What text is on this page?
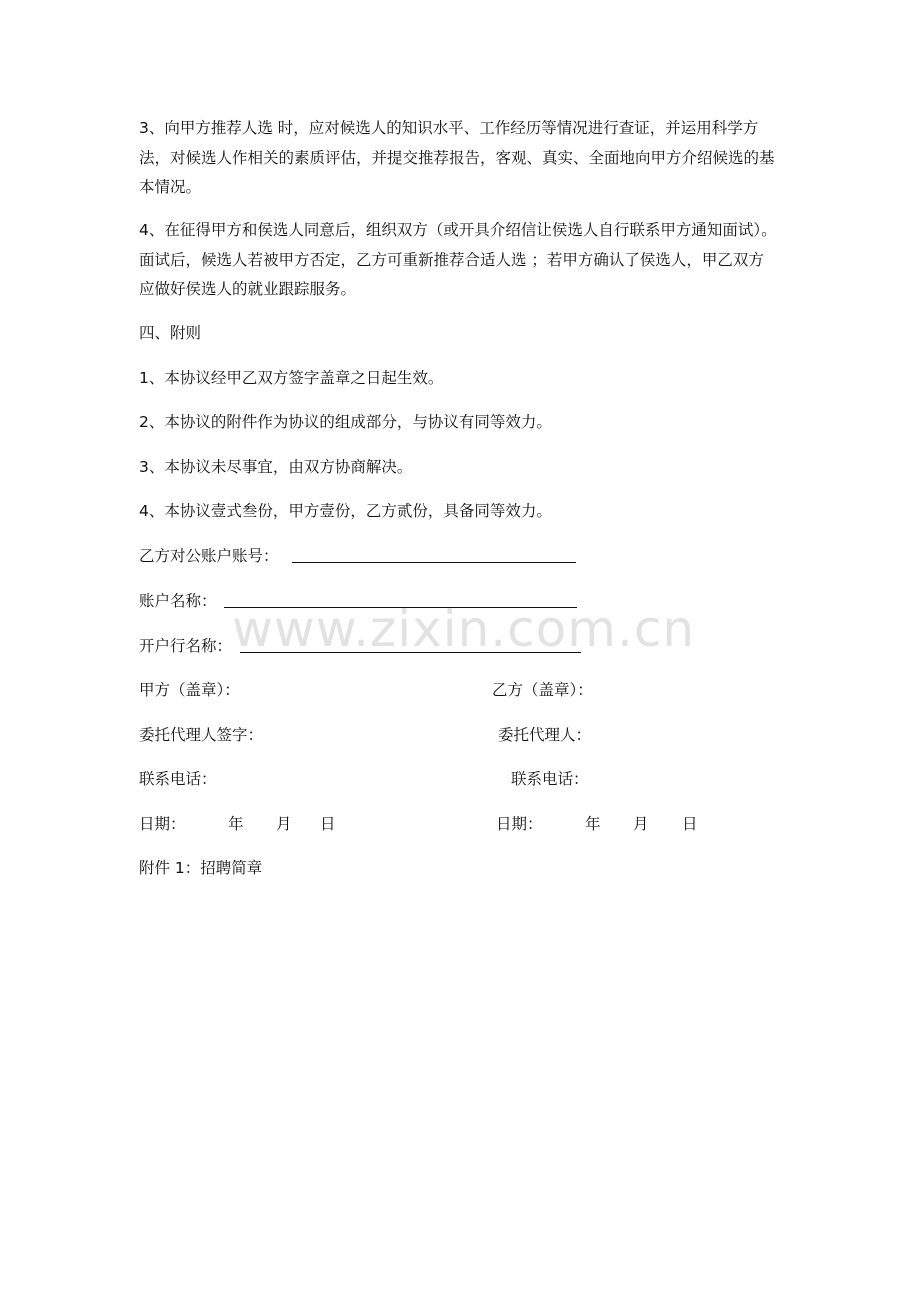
3、向甲方推荐人选 时，应对候选人的知识水平、工作经历等情况进行查证，并运用科学方法，对候选人作相关的素质评估，并提交推荐报告，客观、真实、全面地向甲方介绍候选的基本情况。

4、在征得甲方和侯选人同意后，组织双方（或开具介绍信让侯选人自行联系甲方通知面试）。面试后，候选人若被甲方否定，乙方可重新推荐合适人选 ；若甲方确认了侯选人，甲乙双方应做好侯选人的就业跟踪服务。

四、附则
1、本协议经甲乙双方签字盖章之日起生效。
2、本协议的附件作为协议的组成部分，与协议有同等效力。
3、本协议未尽事宜，由双方协商解决。
4、本协议壹式叁份，甲方壹份，乙方贰份，具备同等效力。
乙方对公账户账号：
账户名称：
开户行名称：
甲方（盖章）：	乙方（盖章）：
委托代理人签字：	委托代理人：
联系电话：	联系电话：
日期：	年 月 日	日期：	年 月 日
附件 1：招聘简章
www.zixin.com.cn
